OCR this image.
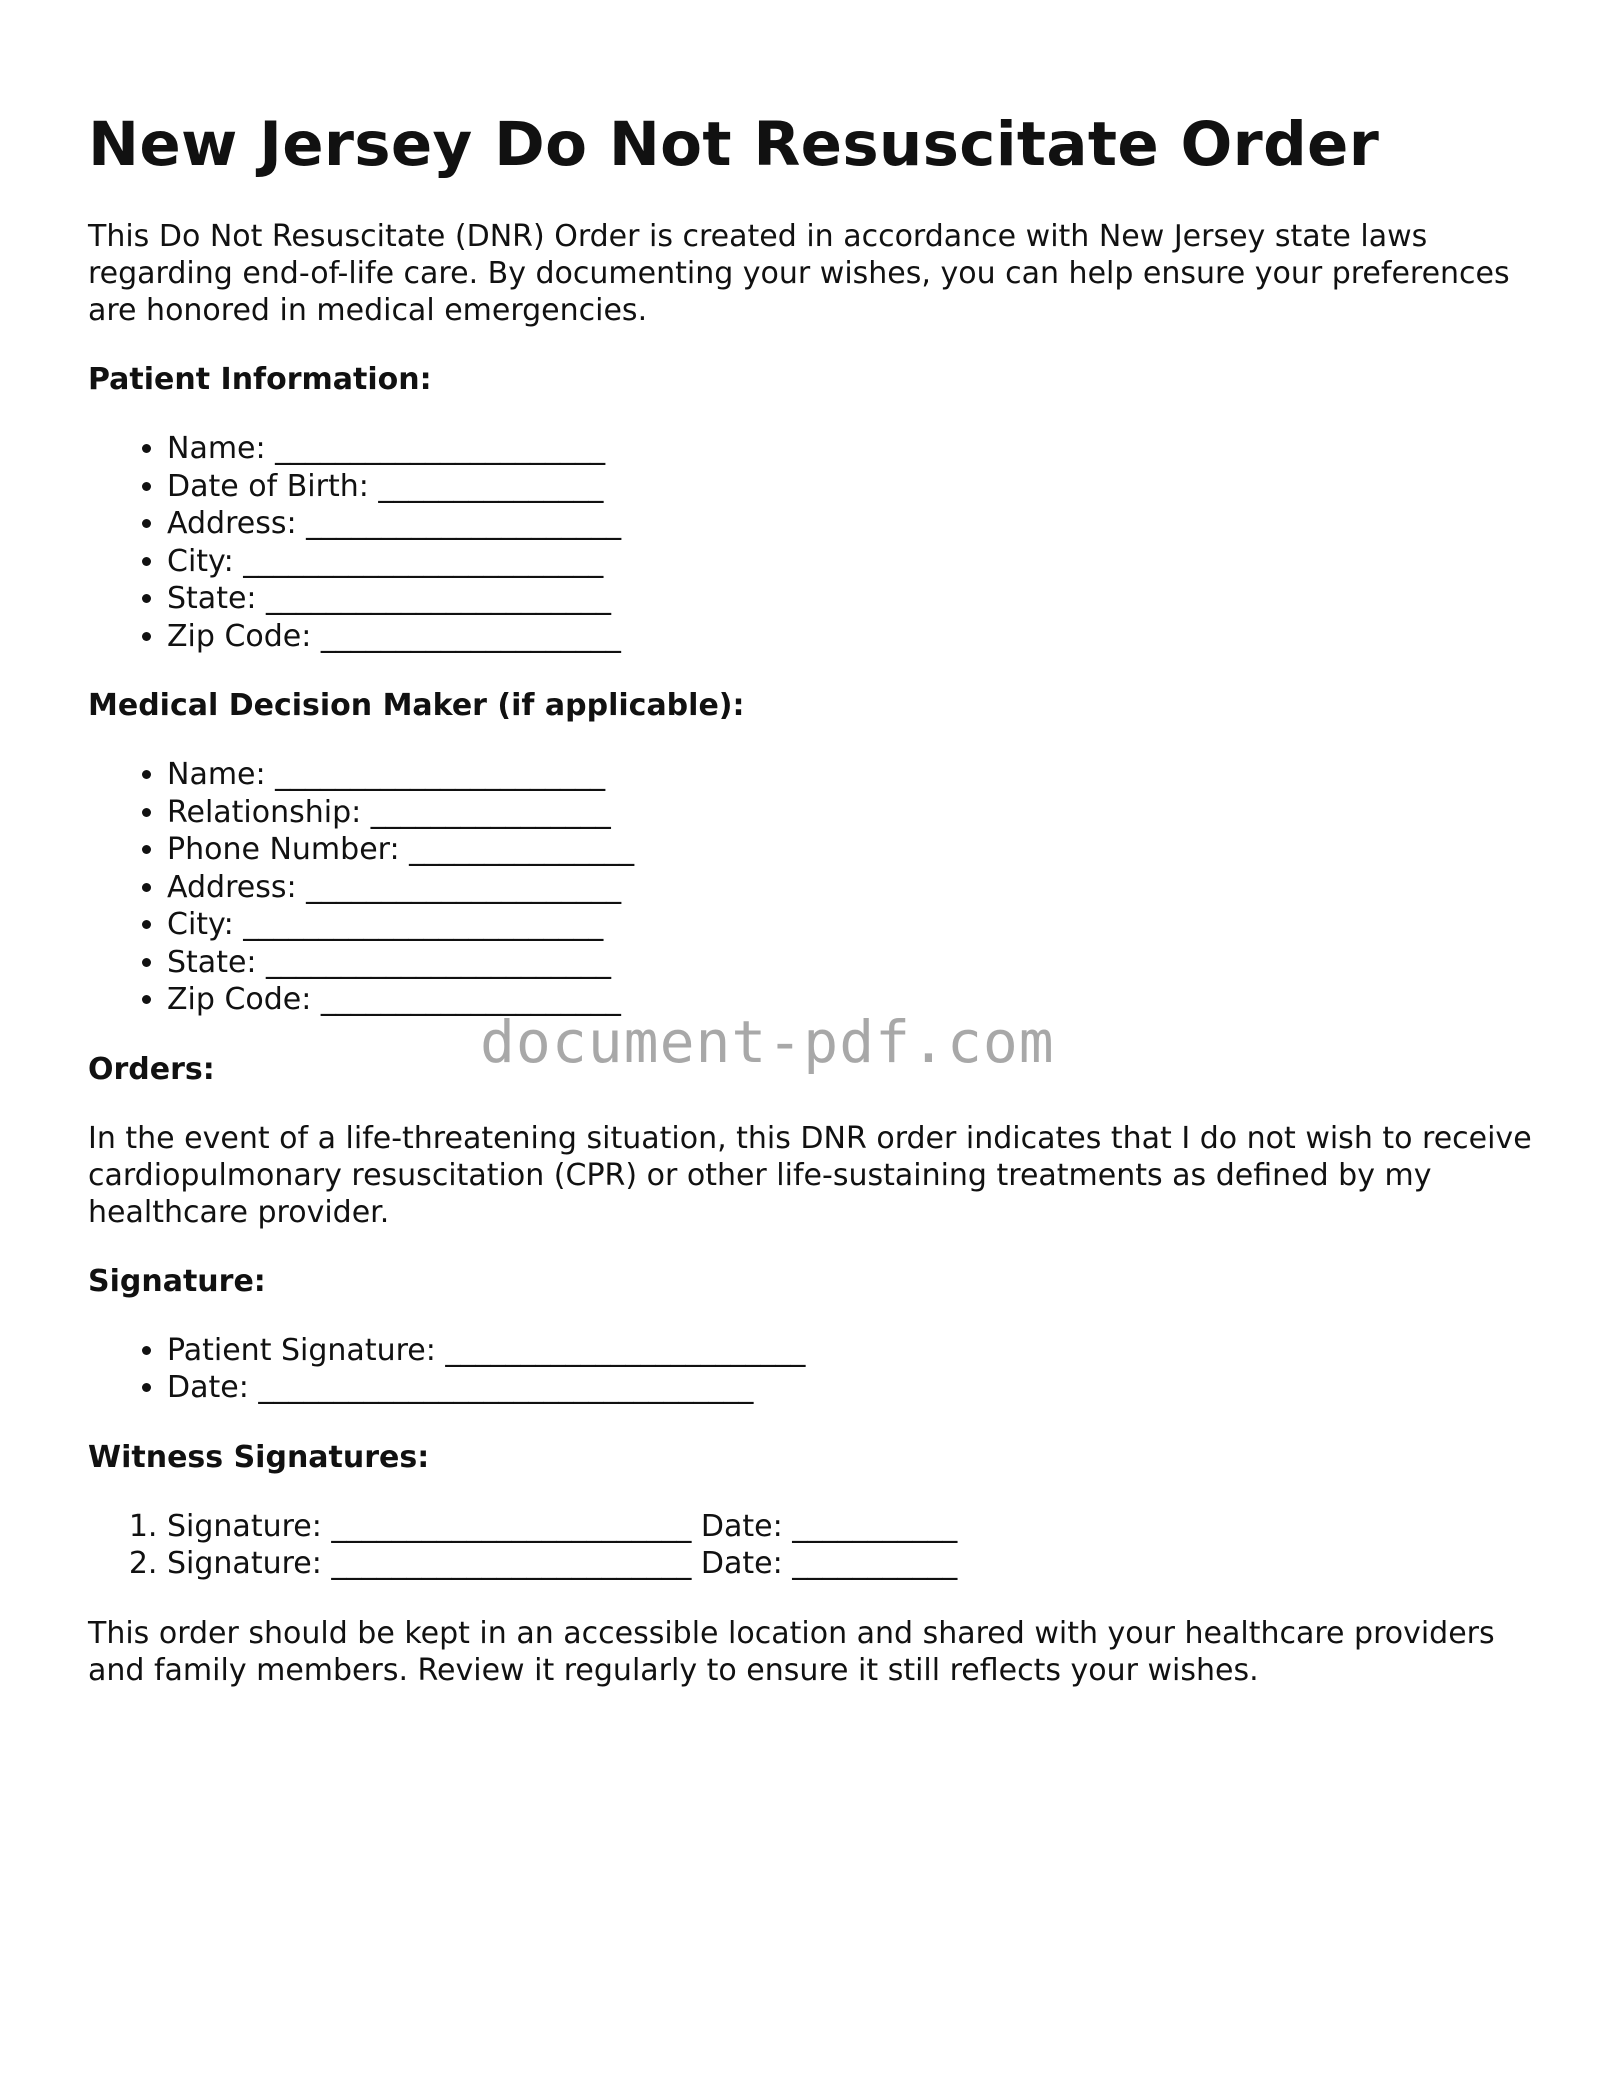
New Jersey Do Not Resuscitate Order

This Do Not Resuscitate (DNR) Order is created in accordance with New Jersey state laws regarding end-of-life care. By documenting your wishes, you can help ensure your preferences are honored in medical emergencies.

Patient Information:
• Name: ______________________
• Date of Birth: _______________
• Address: _____________________
• City: ________________________
• State: _______________________
• Zip Code: ____________________
Medical Decision Maker (if applicable):
• Name: ______________________
• Relationship: ________________
• Phone Number: _______________
• Address: _____________________
• City: ________________________
• State: _______________________
• Zip Code: ____________________
Orders:

In the event of a life-threatening situation, this DNR order indicates that I do not wish to receive cardiopulmonary resuscitation (CPR) or other life-sustaining treatments as defined by my healthcare provider.

Signature:
• Patient Signature: ________________________
• Date: _________________________________
Witness Signatures:
1. Signature: ________________________ Date: ___________
2. Signature: ________________________ Date: ___________

This order should be kept in an accessible location and shared with your healthcare providers and family members. Review it regularly to ensure it still reflects your wishes.

document-pdf.com
